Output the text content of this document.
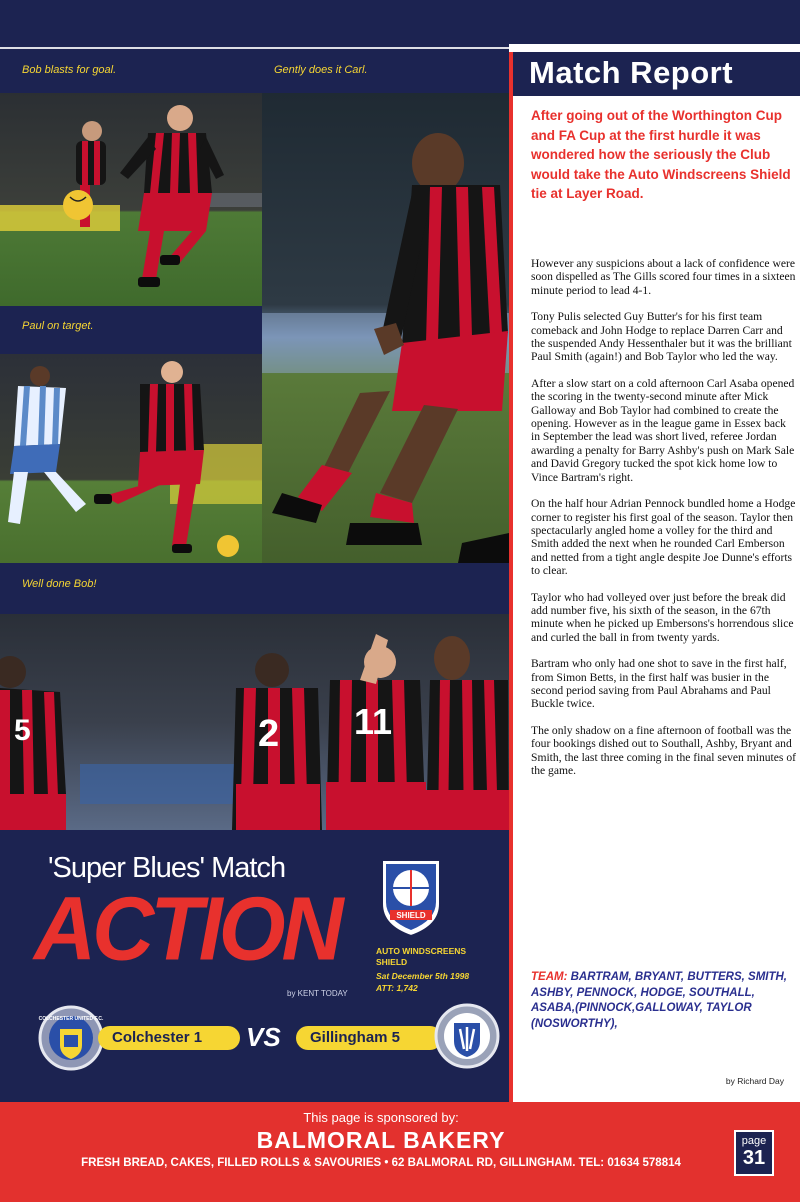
Bob blasts for goal.	Gently does it Carl.
Paul on target.
Well done Bob!
5	2 11
'Super Blues' Match
ACTION
by KENT TODAY
SHIELD
AUTO WINDSCREENS SHIELD
Sat December 5th 1998
ATT: 1,742
COLCHESTER UNITED F.C.
Colchester 1	VS	Gillingham 5
Match Report
After going out of the Worthington Cup and FA Cup at the first hurdle it was wondered how the seriously the Club would take the Auto Windscreens Shield tie at Layer Road.

However any suspicions about a lack of confidence were soon dispelled as The Gills scored four times in a sixteen minute period to lead 4-1.

Tony Pulis selected Guy Butter's for his first team comeback and John Hodge to replace Darren Carr and the suspended Andy Hessenthaler but it was the brilliant Paul Smith (again!) and Bob Taylor who led the way.

After a slow start on a cold afternoon Carl Asaba opened the scoring in the twenty-second minute after Mick Galloway and Bob Taylor had combined to create the opening. However as in the league game in Essex back in September the lead was short lived, referee Jordan awarding a penalty for Barry Ashby's push on Mark Sale and David Gregory tucked the spot kick home low to Vince Bartram's right.

On the half hour Adrian Pennock bundled home a Hodge corner to register his first goal of the season. Taylor then spectacularly angled home a volley for the third and Smith added the next when he rounded Carl Emberson and netted from a tight angle despite Joe Dunne's efforts to clear.

Taylor who had volleyed over just before the break did add number five, his sixth of the season, in the 67th minute when he picked up Embersons's horrendous slice and curled the ball in from twenty yards.

Bartram who only had one shot to save in the first half, from Simon Betts, in the first half was busier in the second period saving from Paul Abrahams and Paul Buckle twice.

The only shadow on a fine afternoon of football was the four bookings dished out to Southall, Ashby, Bryant and Smith, the last three coming in the final seven minutes of the game.

TEAM: BARTRAM, BRYANT, BUTTERS, SMITH, ASHBY, PENNOCK, HODGE, SOUTHALL, ASABA,(PINNOCK,GALLOWAY, TAYLOR (NOSWORTHY),
by Richard Day
This page is sponsored by:
BALMORAL BAKERY
FRESH BREAD, CAKES, FILLED ROLLS & SAVOURIES • 62 BALMORAL RD, GILLINGHAM. TEL: 01634 578814
page
31
